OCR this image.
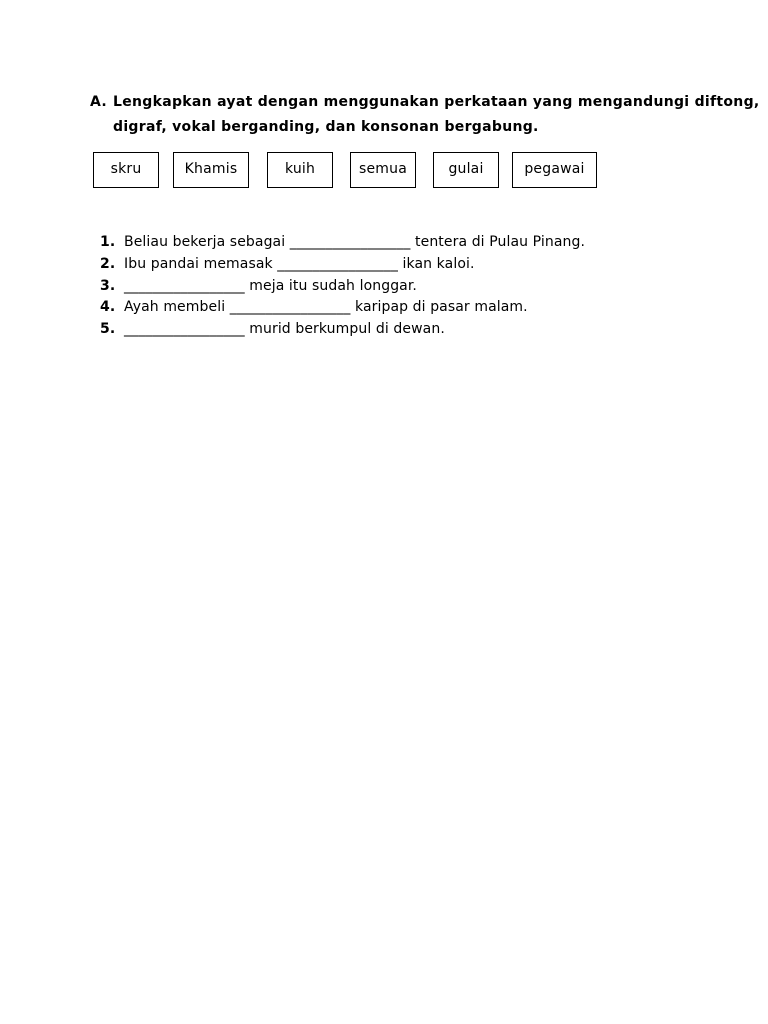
A. Lengkapkan ayat dengan menggunakan perkataan yang mengandungi diftong,
digraf, vokal berganding, dan konsonan bergabung.
skru	Khamis	kuih	semua	gulai	pegawai
1. Beliau bekerja sebagai _________________ tentera di Pulau Pinang.
2. Ibu pandai memasak _________________ ikan kaloi.
3. _________________ meja itu sudah longgar.
4. Ayah membeli _________________ karipap di pasar malam.
5. _________________ murid berkumpul di dewan.
